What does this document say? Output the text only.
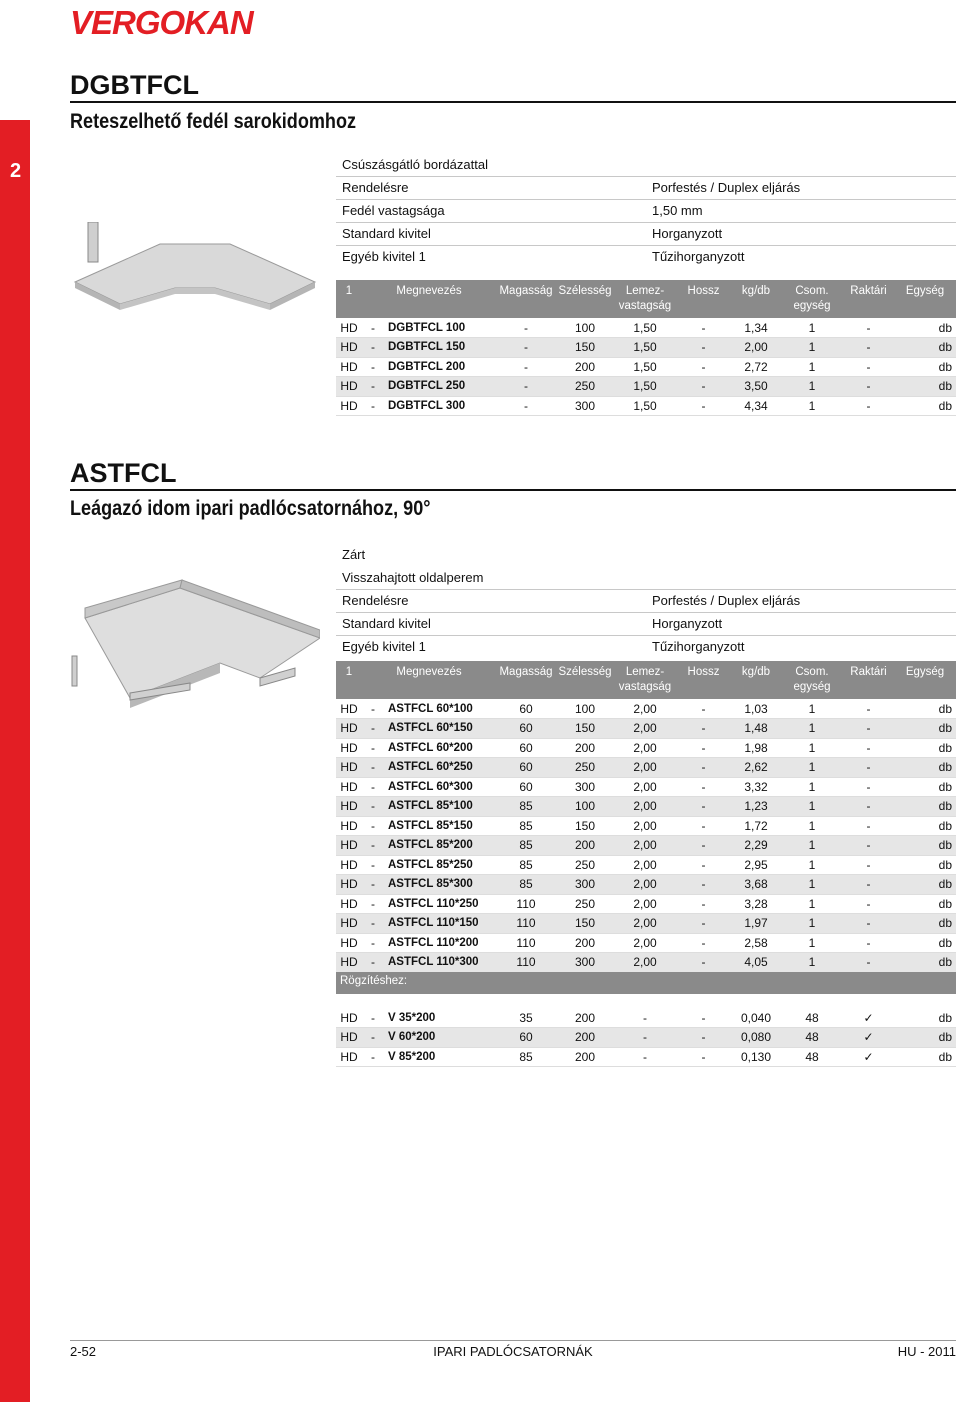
2
VERGOKAN
DGBTFCL
Reteszelhető fedél sarokidomhoz
Csúszásgátló bordázattal
Rendelésre	Porfestés / Duplex eljárás
Fedél vastagsága	1,50 mm
Standard kivitel	Horganyzott
Egyéb kivitel 1	Tűzihorganyzott
1	Megnevezés		Magasság	Szélesség	Lemez-
vastagság	Hossz	kg/db	Csom.
egység	Raktári	Egység
HD	-	DGBTFCL 100	-	100	1,50	-	1,34	1	-	db
HD	-	DGBTFCL 150	-	150	1,50	-	2,00	1	-	db
HD	-	DGBTFCL 200	-	200	1,50	-	2,72	1	-	db
HD	-	DGBTFCL 250	-	250	1,50	-	3,50	1	-	db
HD	-	DGBTFCL 300	-	300	1,50	-	4,34	1	-	db
ASTFCL
Leágazó idom ipari padlócsatornához, 90°
Zárt
Visszahajtott oldalperem
Rendelésre	Porfestés / Duplex eljárás
Standard kivitel	Horganyzott
Egyéb kivitel 1	Tűzihorganyzott
1	Megnevezés		Magasság	Szélesség	Lemez-
vastagság	Hossz	kg/db	Csom.
egység	Raktári	Egység
HD	-	ASTFCL 60*100	60	100	2,00	-	1,03	1	-	db
HD	-	ASTFCL 60*150	60	150	2,00	-	1,48	1	-	db
HD	-	ASTFCL 60*200	60	200	2,00	-	1,98	1	-	db
HD	-	ASTFCL 60*250	60	250	2,00	-	2,62	1	-	db
HD	-	ASTFCL 60*300	60	300	2,00	-	3,32	1	-	db
HD	-	ASTFCL 85*100	85	100	2,00	-	1,23	1	-	db
HD	-	ASTFCL 85*150	85	150	2,00	-	1,72	1	-	db
HD	-	ASTFCL 85*200	85	200	2,00	-	2,29	1	-	db
HD	-	ASTFCL 85*250	85	250	2,00	-	2,95	1	-	db
HD	-	ASTFCL 85*300	85	300	2,00	-	3,68	1	-	db
HD	-	ASTFCL 110*250	110	250	2,00	-	3,28	1	-	db
HD	-	ASTFCL 110*150	110	150	2,00	-	1,97	1	-	db
HD	-	ASTFCL 110*200	110	200	2,00	-	2,58	1	-	db
HD	-	ASTFCL 110*300	110	300	2,00	-	4,05	1	-	db
Rögzítéshez:
HD	-	V 35*200	35	200	-	-	0,040	48	✓	db
HD	-	V 60*200	60	200	-	-	0,080	48	✓	db
HD	-	V 85*200	85	200	-	-	0,130	48	✓	db
2-52	IPARI PADLÓCSATORNÁK	HU - 2011
